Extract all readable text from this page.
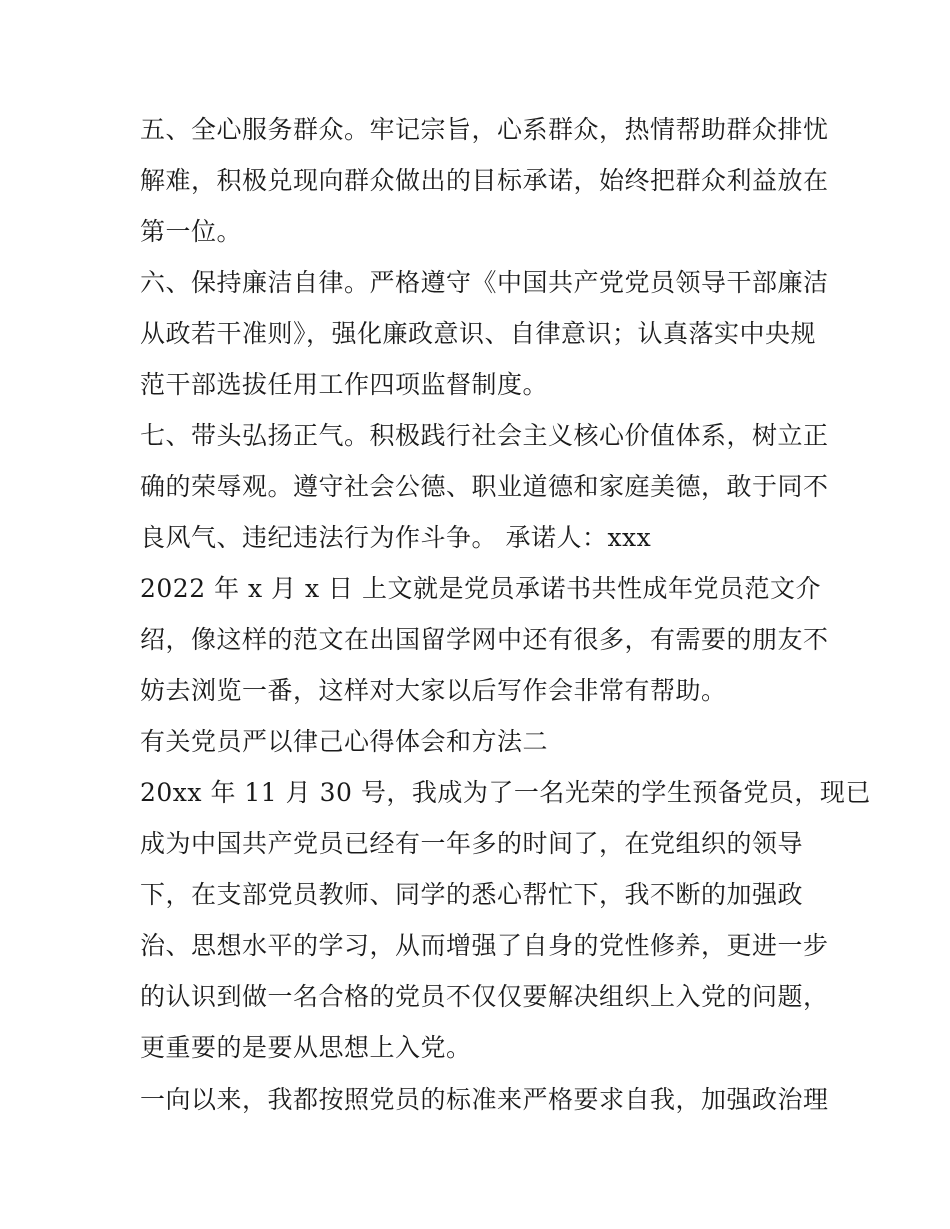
五、全心服务群众。牢记宗旨，心系群众，热情帮助群众排忧
解难，积极兑现向群众做出的目标承诺，始终把群众利益放在
第一位。
六、保持廉洁自律。严格遵守《中国共产党党员领导干部廉洁
从政若干准则》，强化廉政意识、自律意识；认真落实中央规
范干部选拔任用工作四项监督制度。
七、带头弘扬正气。积极践行社会主义核心价值体系，树立正
确的荣辱观。遵守社会公德、职业道德和家庭美德，敢于同不
良风气、违纪违法行为作斗争。 承诺人：xxx
2022 年 x 月 x 日 上文就是党员承诺书共性成年党员范文介
绍，像这样的范文在出国留学网中还有很多，有需要的朋友不
妨去浏览一番，这样对大家以后写作会非常有帮助。
有关党员严以律己心得体会和方法二
20xx 年 11 月 30 号，我成为了一名光荣的学生预备党员，现已
成为中国共产党员已经有一年多的时间了，在党组织的领导
下，在支部党员教师、同学的悉心帮忙下，我不断的加强政
治、思想水平的学习，从而增强了自身的党性修养，更进一步
的认识到做一名合格的党员不仅仅要解决组织上入党的问题，
更重要的是要从思想上入党。
一向以来，我都按照党员的标准来严格要求自我，加强政治理
